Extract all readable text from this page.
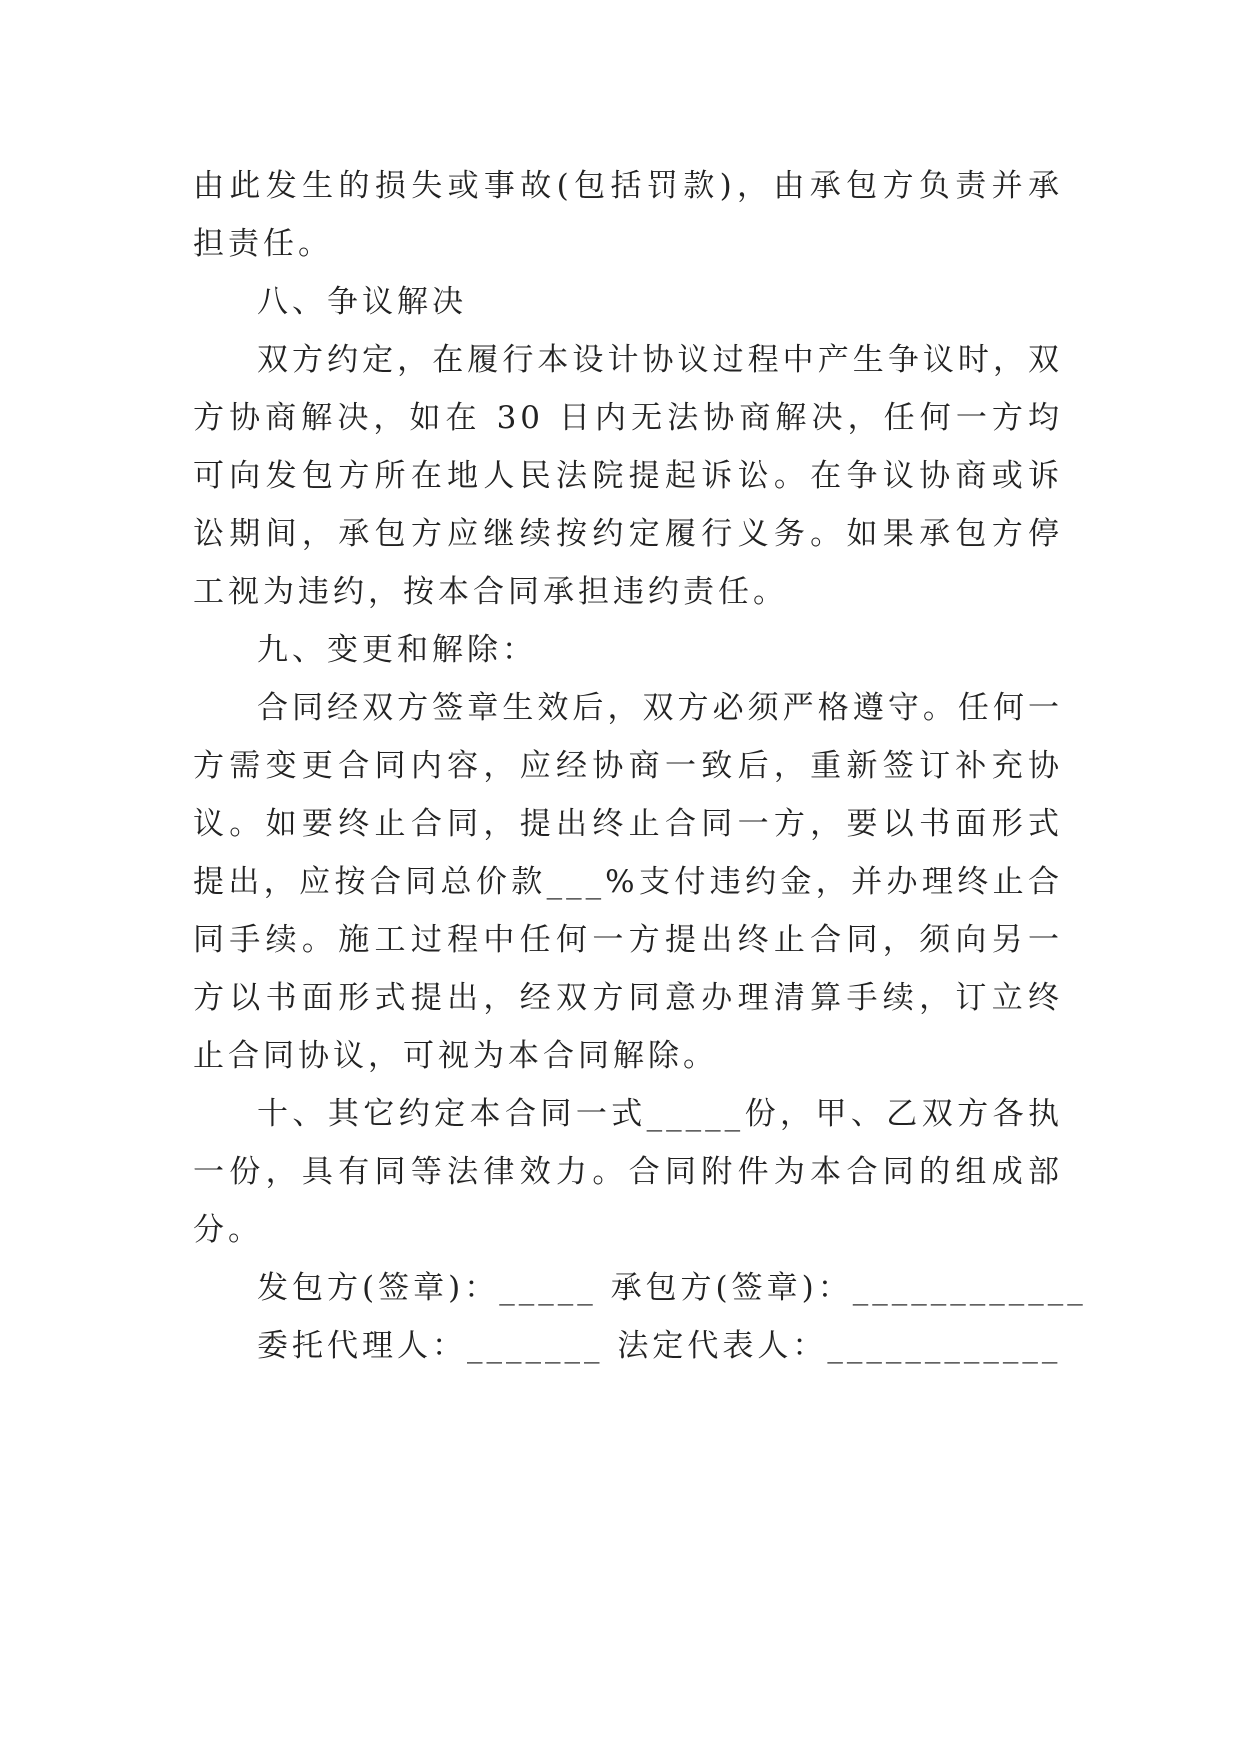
由此发生的损失或事故(包括罚款)，由承包方负责并承担责任。

八、争议解决

双方约定，在履行本设计协议过程中产生争议时，双方协商解决，如在 30 日内无法协商解决，任何一方均可向发包方所在地人民法院提起诉讼。在争议协商或诉讼期间，承包方应继续按约定履行义务。如果承包方停工视为违约，按本合同承担违约责任。

九、变更和解除：

合同经双方签章生效后，双方必须严格遵守。任何一方需变更合同内容，应经协商一致后，重新签订补充协议。如要终止合同，提出终止合同一方，要以书面形式提出，应按合同总价款___%支付违约金，并办理终止合同手续。施工过程中任何一方提出终止合同，须向另一方以书面形式提出，经双方同意办理清算手续，订立终止合同协议，可视为本合同解除。

十、其它约定本合同一式_____份，甲、乙双方各执一份，具有同等法律效力。合同附件为本合同的组成部分。

发包方(签章)：_____ 承包方(签章)：____________
委托代理人：_______ 法定代表人：____________
